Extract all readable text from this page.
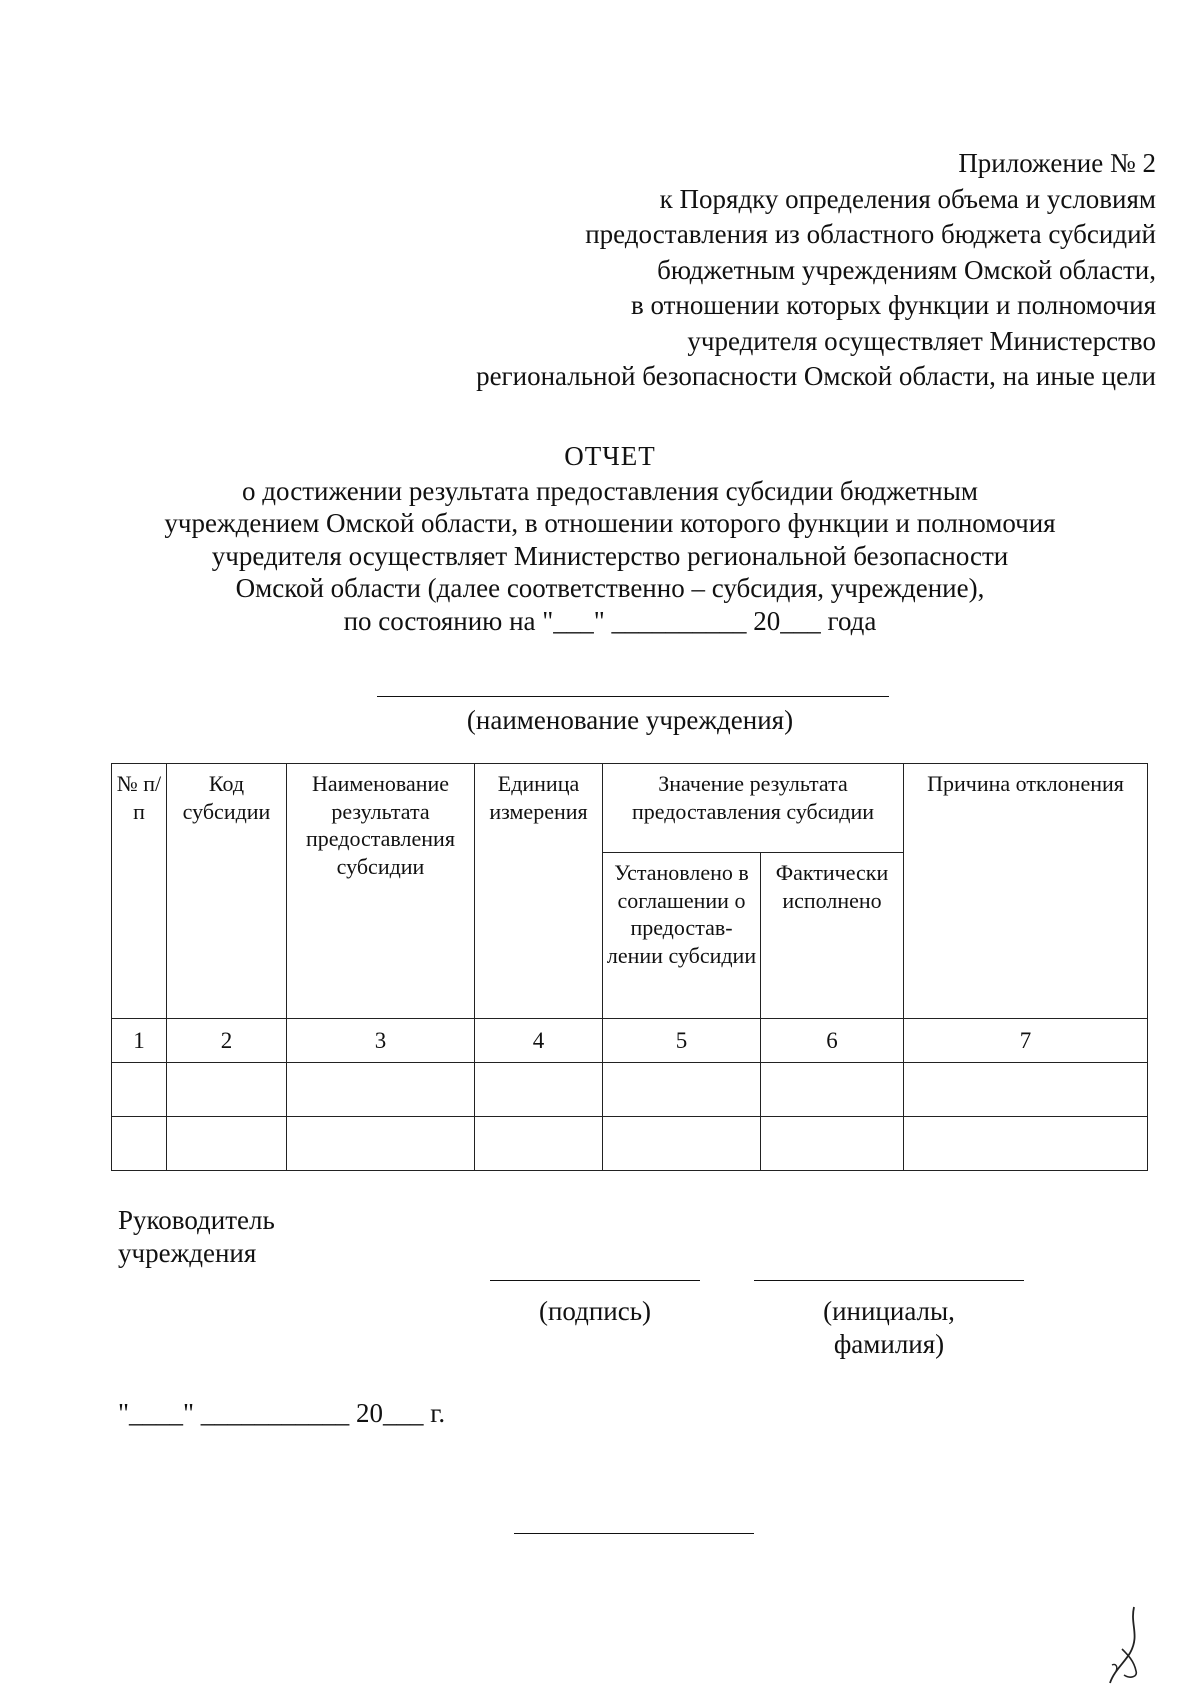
Приложение № 2
к Порядку определения объема и условиям
предоставления из областного бюджета субсидий
бюджетным учреждениям Омской области,
в отношении которых функции и полномочия
учредителя осуществляет Министерство
региональной безопасности Омской области, на иные цели
ОТЧЕТ
о достижении результата предоставления субсидии бюджетным
учреждением Омской области, в отношении которого функции и полномочия
учредителя осуществляет Министерство региональной безопасности
Омской области (далее соответственно – субсидия, учреждение),
по состоянию на "___" __________ 20___ года
(наименование учреждения)
№ п/п	Код субсидии	Наименование результата предоставления субсидии	Единица измерения	Значение результата предоставления субсидии		Причина отклонения
				Установлено в соглашении о предостав- лении субсидии	Фактически исполнено	
1	2	3	4	5	6	7

Руководитель
учреждения
(подпись)	(инициалы,
фамилия)
"____" ___________ 20___ г.
